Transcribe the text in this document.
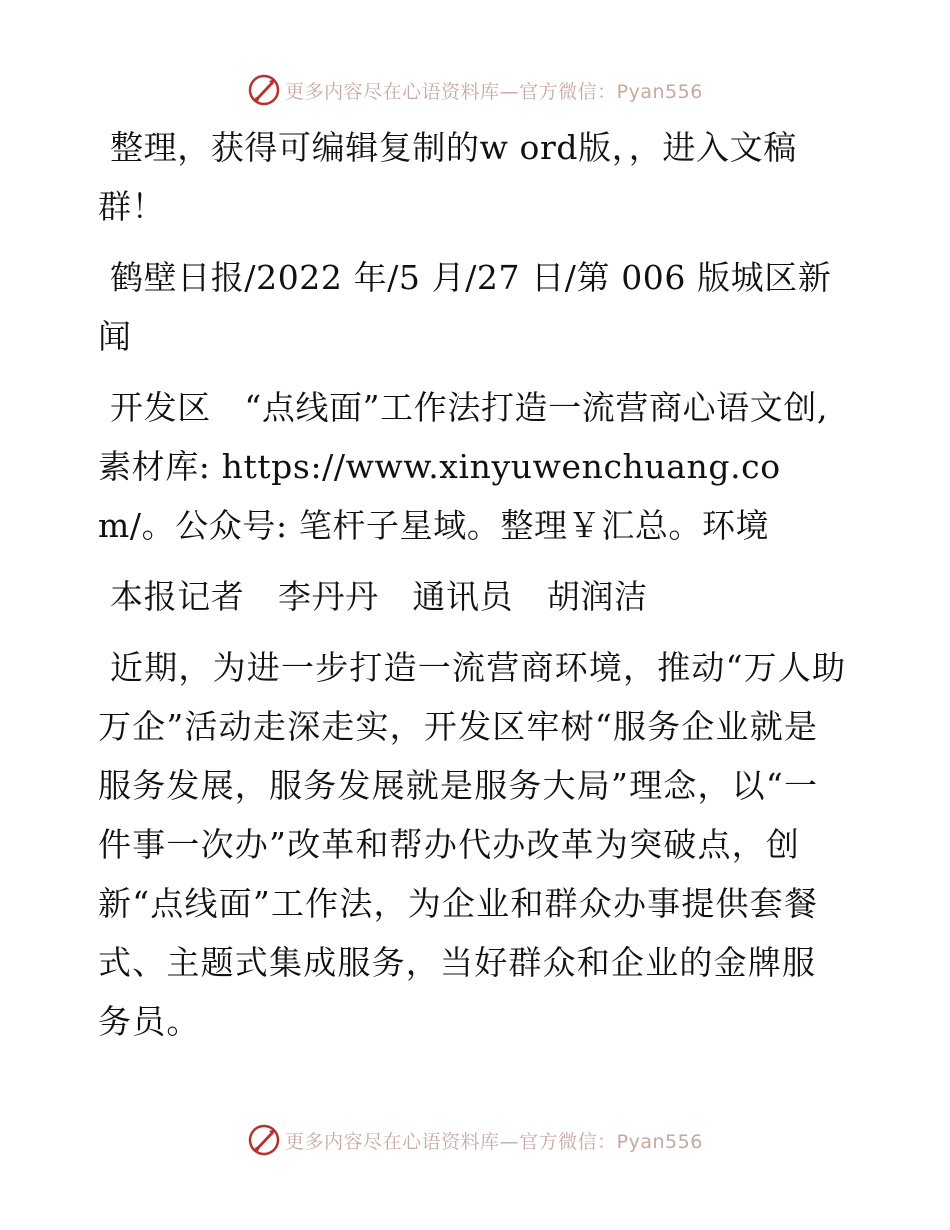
更多内容尽在心语资料库—官方微信：Pyan556

整理，获得可编辑复制的w ord版，，进入文稿群！

鹤壁日报/2022 年/5 月/27 日/第 006 版城区新闻

开发区　“点线面”工作法打造一流营商心语文创,素材库: https://www.xinyuwenchuang.com/。公众号: 笔杆子星域。整理￥汇总。环境

本报记者　李丹丹　通讯员　胡润洁

近期，为进一步打造一流营商环境，推动“万人助万企”活动走深走实，开发区牢树“服务企业就是服务发展，服务发展就是服务大局”理念，以“一件事一次办”改革和帮办代办改革为突破点，创新“点线面”工作法，为企业和群众办事提供套餐式、主题式集成服务，当好群众和企业的金牌服务员。

更多内容尽在心语资料库—官方微信：Pyan556
